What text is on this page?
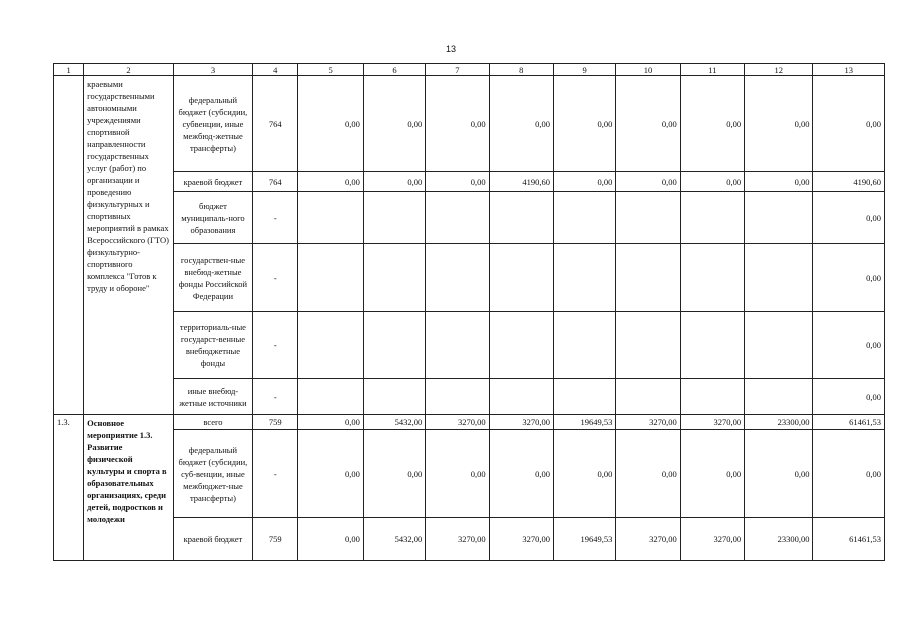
13
1	2	3	4	5	6	7	8	9	10	11	12	13
	краевыми государственными автономными учреждениями спортивной направленности государственных услуг (работ) по организации и проведению физкультурных и спортивных мероприятий в рамках Всероссийского (ГТО) физкультурно-спортивного комплекса "Готов к труду и обороне"	федеральный бюджет (субсидии, субвенции, иные межбюд-жетные трансферты)	764	0,00	0,00	0,00	0,00	0,00	0,00	0,00	0,00	0,00
		краевой бюджет	764	0,00	0,00	0,00	4190,60	0,00	0,00	0,00	0,00	4190,60
		бюджет муниципаль-ного образования	-									0,00
		государствен-ные внебюд-жетные фонды Российской Федерации	-									0,00
		территориаль-ные государст-венные внебюджетные фонды	-									0,00
		иные внебюд-жетные источники	-									0,00
1.3.	Основное мероприятие 1.3. Развитие физической культуры и спорта в образовательных организациях, среди детей, подростков и молодежи	всего	759	0,00	5432,00	3270,00	3270,00	19649,53	3270,00	3270,00	23300,00	61461,53
		федеральный бюджет (субсидии, суб-венции, иные межбюджет-ные трансферты)	-	0,00	0,00	0,00	0,00	0,00	0,00	0,00	0,00	0,00
		краевой бюджет	759	0,00	5432,00	3270,00	3270,00	19649,53	3270,00	3270,00	23300,00	61461,53
